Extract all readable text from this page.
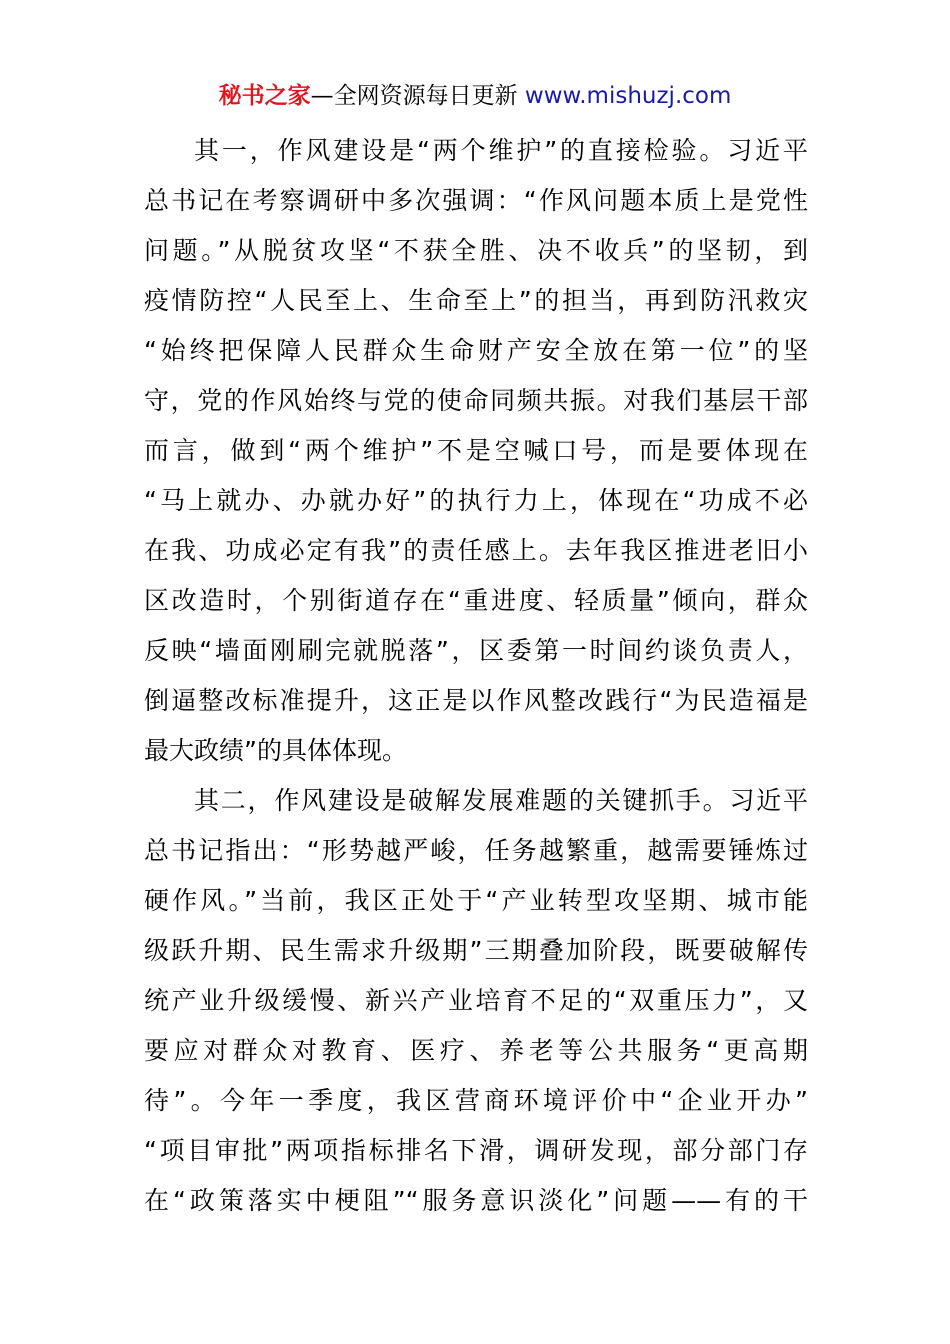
秘书之家—全网资源每日更新 www.mishuzj.com
其一，作风建设是“两个维护”的直接检验。习近平
总书记在考察调研中多次强调：“作风问题本质上是党性
问题。”从脱贫攻坚“不获全胜、决不收兵”的坚韧，到
疫情防控“人民至上、生命至上”的担当，再到防汛救灾
“始终把保障人民群众生命财产安全放在第一位”的坚
守，党的作风始终与党的使命同频共振。对我们基层干部
而言，做到“两个维护”不是空喊口号，而是要体现在
“马上就办、办就办好”的执行力上，体现在“功成不必
在我、功成必定有我”的责任感上。去年我区推进老旧小
区改造时，个别街道存在“重进度、轻质量”倾向，群众
反映“墙面刚刷完就脱落”，区委第一时间约谈负责人，
倒逼整改标准提升，这正是以作风整改践行“为民造福是
最大政绩”的具体体现。
其二，作风建设是破解发展难题的关键抓手。习近平
总书记指出：“形势越严峻，任务越繁重，越需要锤炼过
硬作风。”当前，我区正处于“产业转型攻坚期、城市能
级跃升期、民生需求升级期”三期叠加阶段，既要破解传
统产业升级缓慢、新兴产业培育不足的“双重压力”，又
要应对群众对教育、医疗、养老等公共服务“更高期
待”。今年一季度，我区营商环境评价中“企业开办”
“项目审批”两项指标排名下滑，调研发现，部分部门存
在“政策落实中梗阻”“服务意识淡化”问题——有的干
